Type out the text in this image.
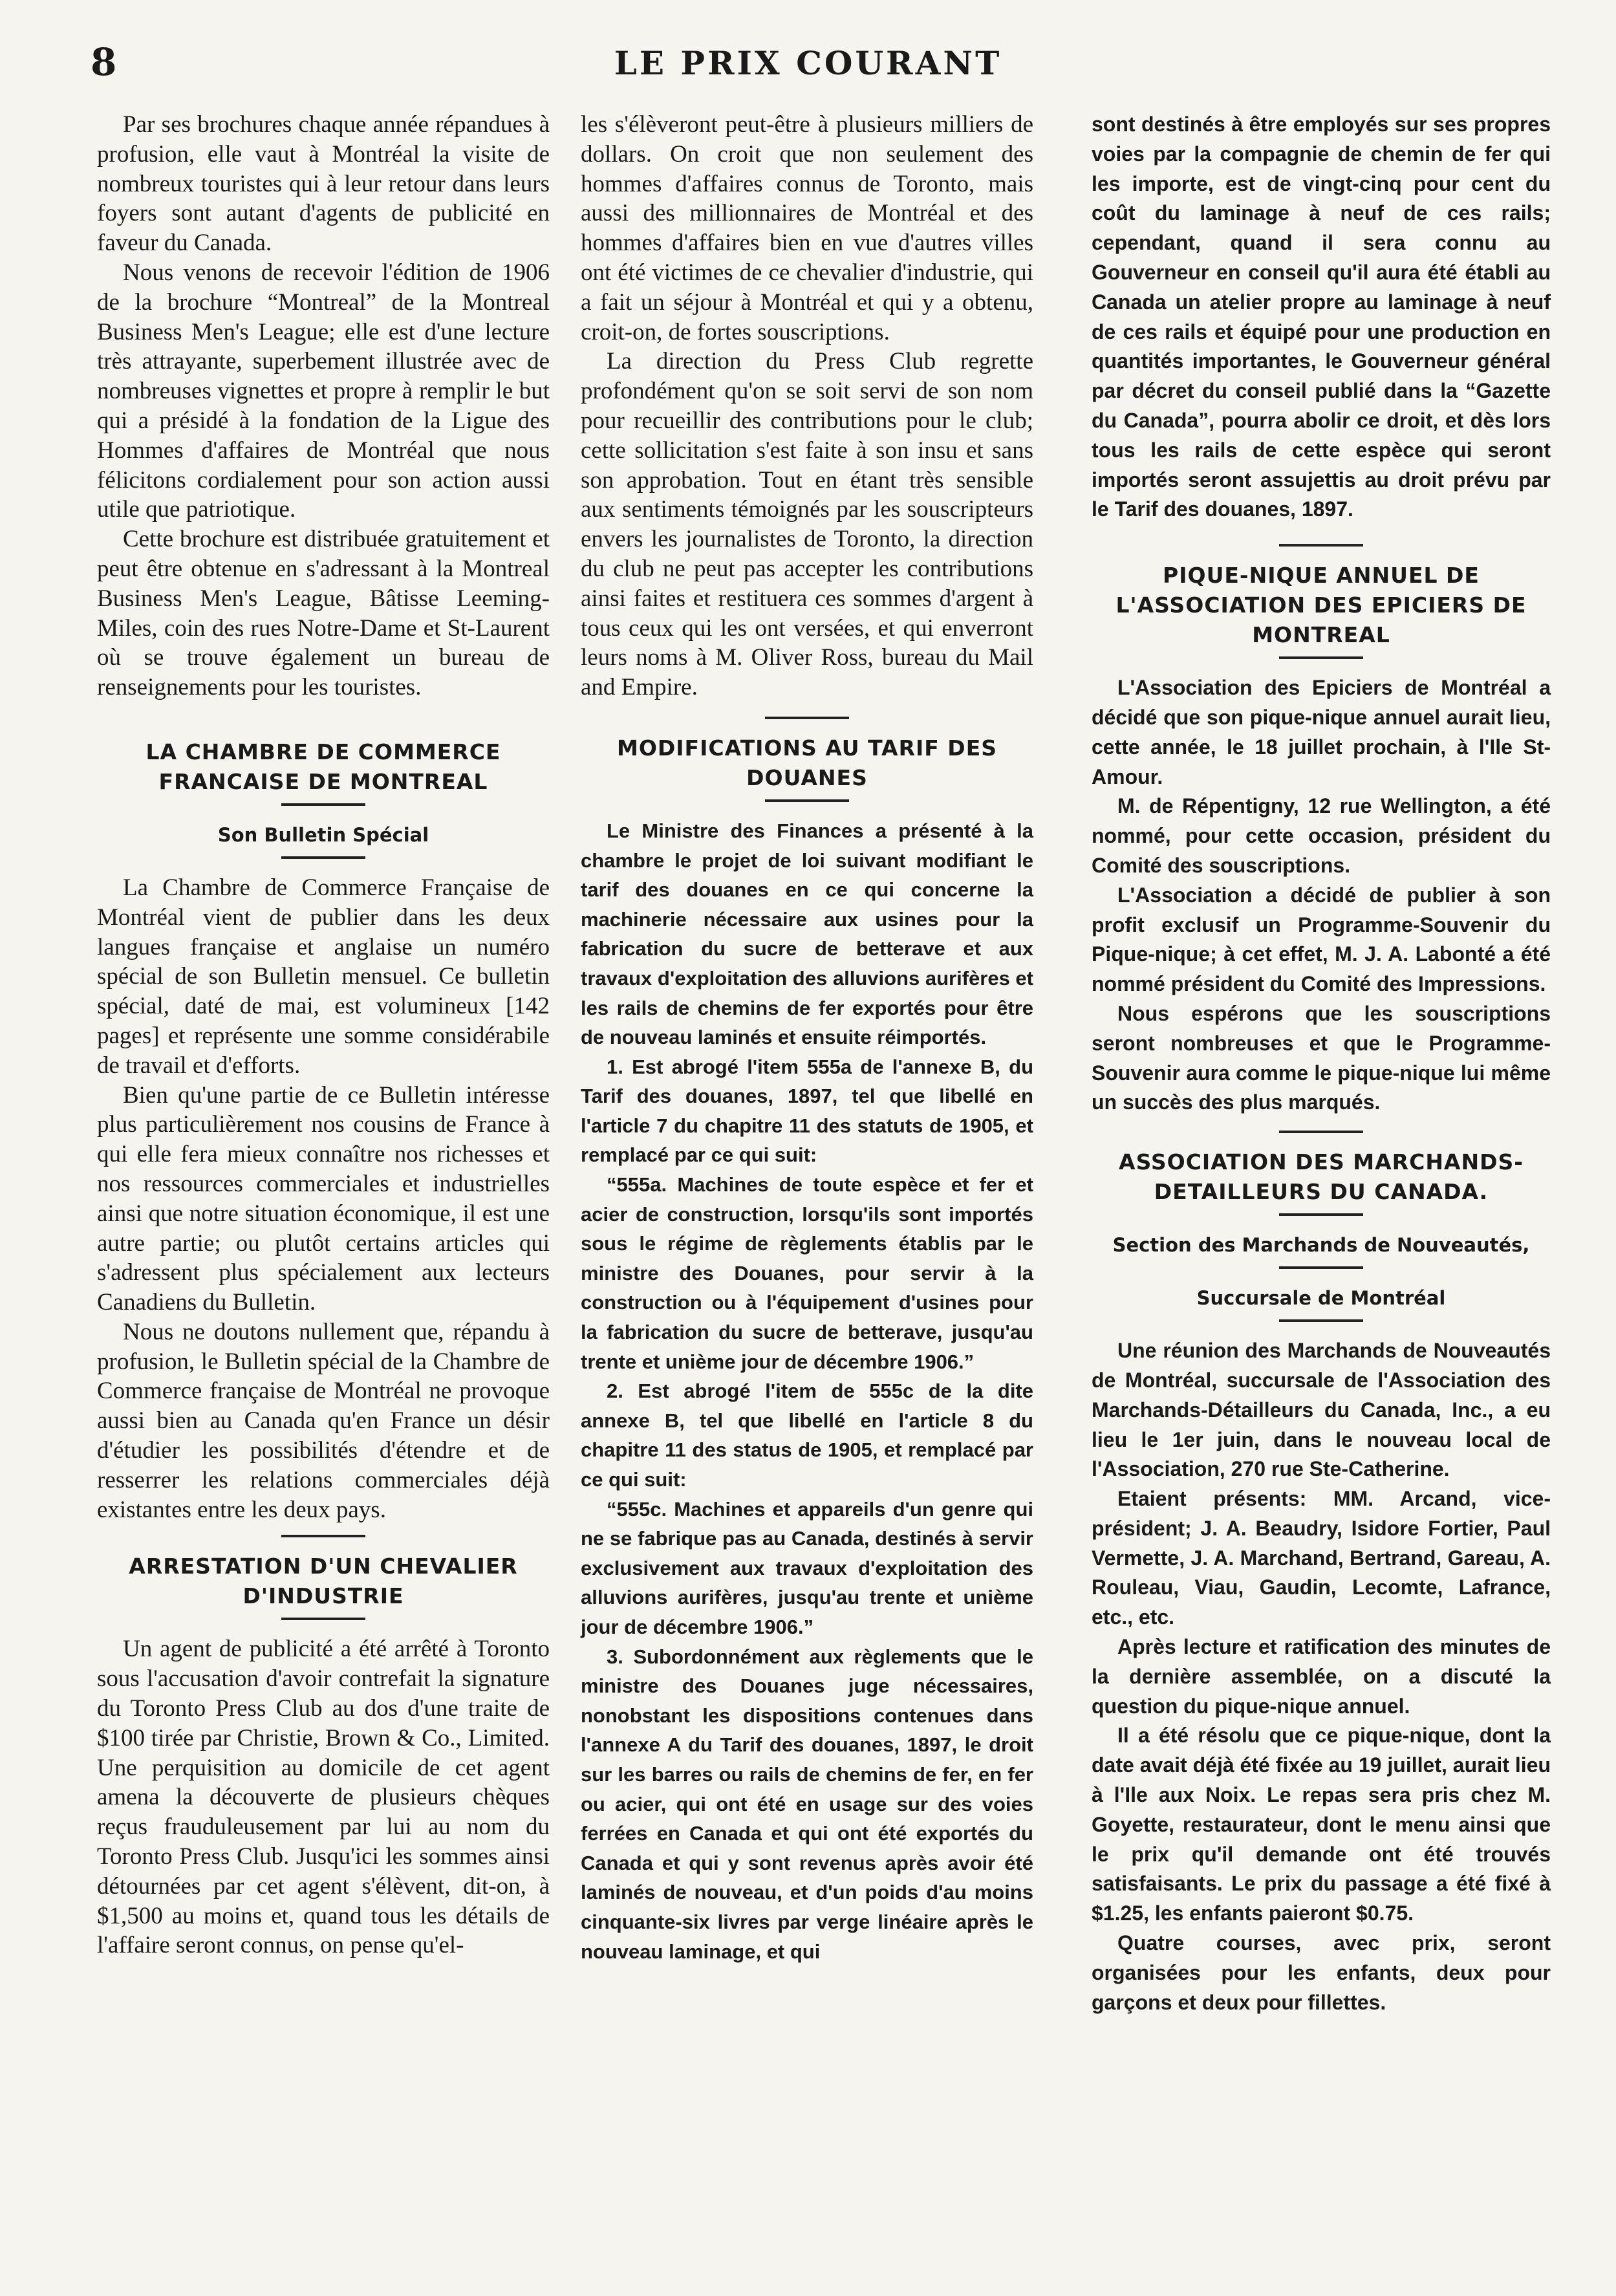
8	LE PRIX COURANT

Par ses brochures chaque année répandues à profusion, elle vaut à Montréal la visite de nombreux touristes qui à leur retour dans leurs foyers sont autant d'agents de publicité en faveur du Canada.

Nous venons de recevoir l'édition de 1906 de la brochure “Montreal” de la Montreal Business Men's League; elle est d'une lecture très attrayante, superbement illustrée avec de nombreuses vignettes et propre à remplir le but qui a présidé à la fondation de la Ligue des Hommes d'affaires de Montréal que nous félicitons cordialement pour son action aussi utile que patriotique.

Cette brochure est distribuée gratuitement et peut être obtenue en s'adressant à la Montreal Business Men's League, Bâtisse Leeming-Miles, coin des rues Notre-Dame et St-Laurent où se trouve également un bureau de renseignements pour les touristes.

LA CHAMBRE DE COMMERCE FRANCAISE DE MONTREAL
Son Bulletin Spécial

La Chambre de Commerce Française de Montréal vient de publier dans les deux langues française et anglaise un numéro spécial de son Bulletin mensuel. Ce bulletin spécial, daté de mai, est volumineux [142 pages] et représente une somme considérabile de travail et d'efforts.

Bien qu'une partie de ce Bulletin intéresse plus particulièrement nos cousins de France à qui elle fera mieux connaître nos richesses et nos ressources commerciales et industrielles ainsi que notre situation économique, il est une autre partie; ou plutôt certains articles qui s'adressent plus spécialement aux lecteurs Canadiens du Bulletin.

Nous ne doutons nullement que, répandu à profusion, le Bulletin spécial de la Chambre de Commerce française de Montréal ne provoque aussi bien au Canada qu'en France un désir d'étudier les possibilités d'étendre et de resserrer les relations commerciales déjà existantes entre les deux pays.

ARRESTATION D'UN CHEVALIER D'INDUSTRIE

Un agent de publicité a été arrêté à Toronto sous l'accusation d'avoir contrefait la signature du Toronto Press Club au dos d'une traite de $100 tirée par Christie, Brown & Co., Limited. Une perquisition au domicile de cet agent amena la découverte de plusieurs chèques reçus frauduleusement par lui au nom du Toronto Press Club. Jusqu'ici les sommes ainsi détournées par cet agent s'élèvent, dit-on, à $1,500 au moins et, quand tous les détails de l'affaire seront connus, on pense qu'el-

les s'élèveront peut-être à plusieurs milliers de dollars. On croit que non seulement des hommes d'affaires connus de Toronto, mais aussi des millionnaires de Montréal et des hommes d'affaires bien en vue d'autres villes ont été victimes de ce chevalier d'industrie, qui a fait un séjour à Montréal et qui y a obtenu, croit-on, de fortes souscriptions.

La direction du Press Club regrette profondément qu'on se soit servi de son nom pour recueillir des contributions pour le club; cette sollicitation s'est faite à son insu et sans son approbation. Tout en étant très sensible aux sentiments témoignés par les souscripteurs envers les journalistes de Toronto, la direction du club ne peut pas accepter les contributions ainsi faites et restituera ces sommes d'argent à tous ceux qui les ont versées, et qui enverront leurs noms à M. Oliver Ross, bureau du Mail and Empire.

MODIFICATIONS AU TARIF DES DOUANES

Le Ministre des Finances a présenté à la chambre le projet de loi suivant modifiant le tarif des douanes en ce qui concerne la machinerie nécessaire aux usines pour la fabrication du sucre de betterave et aux travaux d'exploitation des alluvions aurifères et les rails de chemins de fer exportés pour être de nouveau laminés et ensuite réimportés.

1. Est abrogé l'item 555a de l'annexe B, du Tarif des douanes, 1897, tel que libellé en l'article 7 du chapitre 11 des statuts de 1905, et remplacé par ce qui suit:

“555a. Machines de toute espèce et fer et acier de construction, lorsqu'ils sont importés sous le régime de règlements établis par le ministre des Douanes, pour servir à la construction ou à l'équipement d'usines pour la fabrication du sucre de betterave, jusqu'au trente et unième jour de décembre 1906.”

2. Est abrogé l'item de 555c de la dite annexe B, tel que libellé en l'article 8 du chapitre 11 des status de 1905, et remplacé par ce qui suit:

“555c. Machines et appareils d'un genre qui ne se fabrique pas au Canada, destinés à servir exclusivement aux travaux d'exploitation des alluvions aurifères, jusqu'au trente et unième jour de décembre 1906.”

3. Subordonnément aux règlements que le ministre des Douanes juge nécessaires, nonobstant les dispositions contenues dans l'annexe A du Tarif des douanes, 1897, le droit sur les barres ou rails de chemins de fer, en fer ou acier, qui ont été en usage sur des voies ferrées en Canada et qui ont été exportés du Canada et qui y sont revenus après avoir été laminés de nouveau, et d'un poids d'au moins cinquante-six livres par verge linéaire après le nouveau laminage, et qui

sont destinés à être employés sur ses propres voies par la compagnie de chemin de fer qui les importe, est de vingt-cinq pour cent du coût du laminage à neuf de ces rails; cependant, quand il sera connu au Gouverneur en conseil qu'il aura été établi au Canada un atelier propre au laminage à neuf de ces rails et équipé pour une production en quantités importantes, le Gouverneur général par décret du conseil publié dans la “Gazette du Canada”, pourra abolir ce droit, et dès lors tous les rails de cette espèce qui seront importés seront assujettis au droit prévu par le Tarif des douanes, 1897.

PIQUE-NIQUE ANNUEL DE L'ASSOCIATION DES EPICIERS DE MONTREAL

L'Association des Epiciers de Montréal a décidé que son pique-nique annuel aurait lieu, cette année, le 18 juillet prochain, à l'Ile St-Amour.

M. de Répentigny, 12 rue Wellington, a été nommé, pour cette occasion, président du Comité des souscriptions.

L'Association a décidé de publier à son profit exclusif un Programme-Souvenir du Pique-nique; à cet effet, M. J. A. Labonté a été nommé président du Comité des Impressions.

Nous espérons que les souscriptions seront nombreuses et que le Programme-Souvenir aura comme le pique-nique lui même un succès des plus marqués.

ASSOCIATION DES MARCHANDS-DETAILLEURS DU CANADA.
Section des Marchands de Nouveautés,
Succursale de Montréal

Une réunion des Marchands de Nouveautés de Montréal, succursale de l'Association des Marchands-Détailleurs du Canada, Inc., a eu lieu le 1er juin, dans le nouveau local de l'Association, 270 rue Ste-Catherine.

Etaient présents: MM. Arcand, vice-président; J. A. Beaudry, Isidore Fortier, Paul Vermette, J. A. Marchand, Bertrand, Gareau, A. Rouleau, Viau, Gaudin, Lecomte, Lafrance, etc., etc.

Après lecture et ratification des minutes de la dernière assemblée, on a discuté la question du pique-nique annuel.

Il a été résolu que ce pique-nique, dont la date avait déjà été fixée au 19 juillet, aurait lieu à l'Ile aux Noix. Le repas sera pris chez M. Goyette, restaurateur, dont le menu ainsi que le prix qu'il demande ont été trouvés satisfaisants. Le prix du passage a été fixé à $1.25, les enfants paieront $0.75.

Quatre courses, avec prix, seront organisées pour les enfants, deux pour garçons et deux pour fillettes.
